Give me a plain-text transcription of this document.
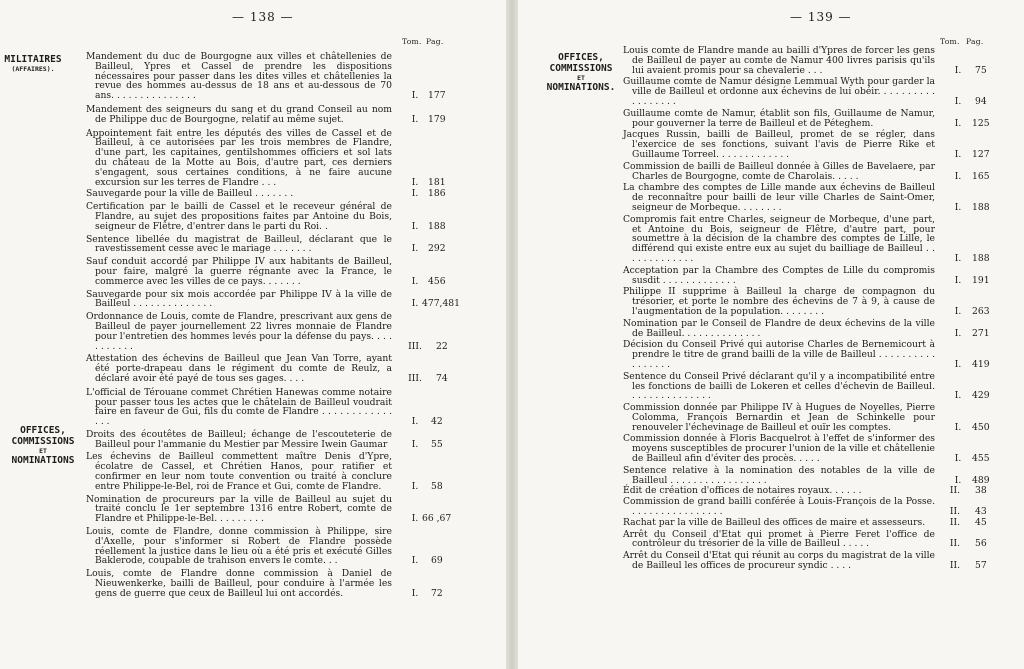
— 138 —
Tom. Pag.
MILITAIRES
(AFFAIRES).
OFFICES,
COMMISSIONS
ET
NOMINATIONS
Mandement du duc de Bourgogne aux villes et châtellenies de Bailleul, Ypres et Cassel de prendre les dispositions nécessaires pour passer dans les dites villes et châtellenies la revue des hommes au-dessus de 18 ans et au-dessous de 70 ans. . . . . . . . . . . . . . .	I.	177
Mandement des seigneurs du sang et du grand Conseil au nom de Philippe duc de Bourgogne, relatif au même sujet.	I.	179
Appointement fait entre les députés des villes de Cassel et de Bailleul, à ce autorisées par les trois membres de Flandre, d'une part, les capitaines, gentilshommes officiers et sol lats du château de la Motte au Bois, d'autre part, ces derniers s'engagent, sous certaines conditions, à ne faire aucune excursion sur les terres de Flandre . . .	I.	181
Sauvegarde pour la ville de Bailleul . . . . . . .	I.	186
Certification par le bailli de Cassel et le receveur général de Flandre, au sujet des propositions faites par Antoine du Bois, seigneur de Flêtre, d'entrer dans le parti du Roi. .	I.	188
Sentence libellée du magistrat de Bailleul, déclarant que le ravestissement cesse avec le mariage . . . . . . .	I.	292
Sauf conduit accordé par Philippe IV aux habitants de Bailleul, pour faire, malgré la guerre régnante avec la France, le commerce avec les villes de ce pays. . . . . . .	I.	456
Sauvegarde pour six mois accordée par Philippe IV à la ville de Bailleul . . . . . . . . . . . . . .	I. 477,481
Ordonnance de Louis, comte de Flandre, prescrivant aux gens de Bailleul de payer journellement 22 livres monnaie de Flandre pour l'entretien des hommes levés pour la défense du pays. . . . . . . . . . .	III. 22
Attestation des échevins de Bailleul que Jean Van Torre, ayant été porte-drapeau dans le régiment du comte de Reulz, a déclaré avoir été payé de tous ses gages. . . .	III. 74
L'official de Térouane commet Chrétien Hanewas comme notaire pour passer tous les actes que le châtelain de Bailleul voudrait faire en faveur de Gui, fils du comte de Flandre . . . . . . . . . . . . . . .	I.	42
Droits des écoutêtes de Bailleul; échange de l'escouteterie de Bailleul pour l'ammanie du Mestier par Messire Iwein Gaumar	I.	55
Les échevins de Bailleul commettent maître Denis d'Ypre, écolatre de Cassel, et Chrétien Hanos, pour ratifier et confirmer en leur nom toute convention ou traité à conclure entre Philippe-le-Bel, roi de France et Gui, comte de Flandre.	I.	58
Nomination de procureurs par la ville de Bailleul au sujet du traité conclu le 1er septembre 1316 entre Robert, comte de Flandre et Philippe-le-Bel. . . . . . . . .	I. 66 ,67
Louis, comte de Flandre, donne commission à Philippe, sire d'Axelle, pour s'informer si Robert de Flandre possède réellement la justice dans le lieu où a été pris et exécuté Gilles Baklerode, coupable de trahison envers le comte. . .	I.	69
Louis, comte de Flandre donne commission à Daniel de Nieuwenkerke, bailli de Bailleul, pour conduire à l'armée les gens de guerre que ceux de Bailleul lui ont accordés.	I.	72
— 139 —
Tom. Pag.
OFFICES,
COMMISSIONS
ET
NOMINATIONS.
Louis comte de Flandre mande au bailli d'Ypres de forcer les gens de Bailleul de payer au comte de Namur 400 livres parisis qu'ils lui avaient promis pour sa chevalerie . . .	I.	75
Guillaume comte de Namur désigne Lemmual Wyth pour garder la ville de Bailleul et ordonne aux échevins de lui obéir. . . . . . . . . . . . . . . . . .	I.	94
Guillaume comte de Namur, établit son fils, Guillaume de Namur, pour gouverner la terre de Bailleul et de Péteghem.	I.	125
Jacques Russin, bailli de Bailleul, promet de se régler, dans l'exercice de ses fonctions, suivant l'avis de Pierre Rike et Guillaume Torreel. . . . . . . . . . . . .	I.	127
Commission de bailli de Bailleul donnée à Gilles de Bavelaere, par Charles de Bourgogne, comte de Charolais. . . . .	I.	165
La chambre des comptes de Lille mande aux échevins de Bailleul de reconnaître pour bailli de leur ville Charles de Saint-Omer, seigneur de Morbeque. . . . . . . .	I.	188
Compromis fait entre Charles, seigneur de Morbeque, d'une part, et Antoine du Bois, seigneur de Flêtre, d'autre part, pour soumettre à la décision de la chambre des comptes de Lille, le différend qui existe entre eux au sujet du bailliage de Bailleul . . . . . . . . . . . . .	I.	188
Acceptation par la Chambre des Comptes de Lille du compromis susdit . . . . . . . . . . . . .	I.	191
Philippe II supprime à Bailleul la charge de compagnon du trésorier, et porte le nombre des échevins de 7 à 9, à cause de l'augmentation de la population. . . . . . . .	I.	263
Nomination par le Conseil de Flandre de deux échevins de la ville de Bailleul. . . . . . . . . . . . . .	I.	271
Décision du Conseil Privé qui autorise Charles de Bernemicourt à prendre le titre de grand bailli de la ville de Bailleul . . . . . . . . . . . . . . . . .	I.	419
Sentence du Conseil Privé déclarant qu'il y a incompatibilité entre les fonctions de bailli de Lokeren et celles d'échevin de Bailleul. . . . . . . . . . . . . . .	I.	429
Commission donnée par Philippe IV à Hugues de Noyelles, Pierre Colomma, François Bernardin et Jean de Schinkelle pour renouveler l'échevinage de Bailleul et ouïr les comptes.	I.	450
Commission donnée à Floris Bacquelrot à l'effet de s'informer des moyens susceptibles de procurer l'union de la ville et châtellenie de Bailleul afin d'éviter des procès. . . . .	I.	455
Sentence relative à la nomination des notables de la ville de Bailleul . . . . . . . . . . . . . . . . .	I.	489
Édit de création d'offices de notaires royaux. . . . . .	II.	38
Commission de grand bailli conférée à Louis-François de la Posse. . . . . . . . . . . . . . . . .	II.	43
Rachat par la ville de Bailleul des offices de maire et assesseurs.	II.	45
Arrêt du Conseil d'Etat qui promet à Pierre Feret l'office de contrôleur du trésorier de la ville de Bailleul . . . . .	II.	56
Arrêt du Conseil d'Etat qui réunit au corps du magistrat de la ville de Bailleul les offices de procureur syndic . . . .	II.	57
